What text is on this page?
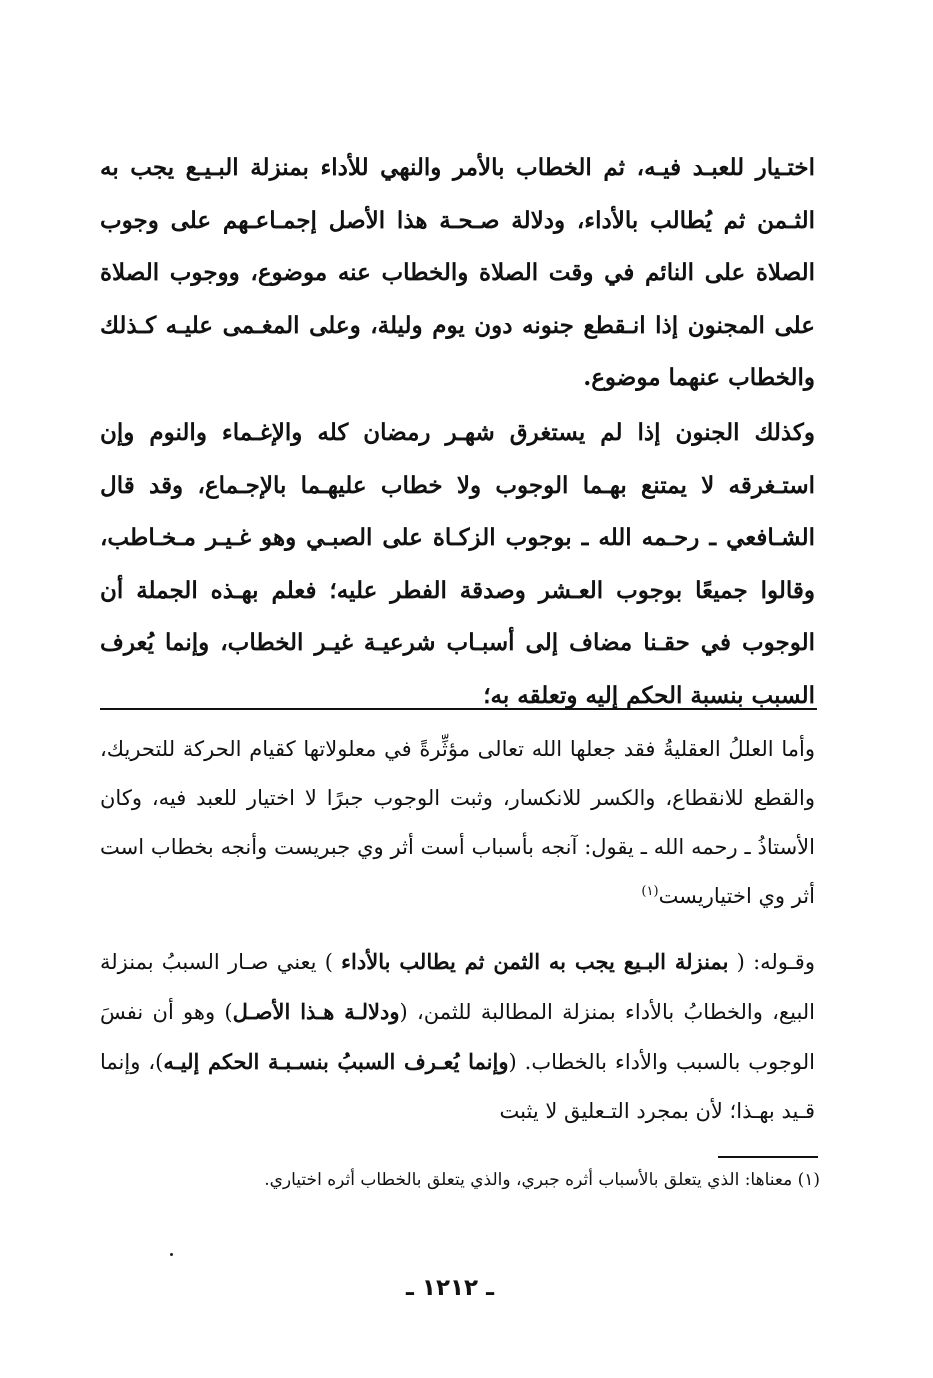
اختـيار للعبـد فيـه، ثم الخطاب بالأمر والنهي للأداء بمنزلة البـيـع يجب به الثـمن ثم يُطالب بالأداء، ودلالة صـحـة هذا الأصل إجمـاعـهم على وجوب الصلاة على النائم في وقت الصلاة والخطاب عنه موضوع، ووجوب الصلاة على المجنون إذا انـقطع جنونه دون يوم وليلة، وعلى المغـمى عليـه كـذلك والخطاب عنهما موضوع.

وكذلك الجنون إذا لم يستغرق شهـر رمضان كله والإغـماء والنوم وإن استـغرقه لا يمتنع بهـما الوجوب ولا خطاب عليهـما بالإجـماع، وقد قال الشـافعي ـ رحـمه الله ـ بوجوب الزكـاة على الصبـي وهو غـيـر مـخـاطب، وقالوا جميعًا بوجوب العـشر وصدقة الفطر عليه؛ فعلم بهـذه الجملة أن الوجوب في حقـنا مضاف إلى أسبـاب شرعيـة غيـر الخطاب، وإنما يُعرف السبب بنسبة الحكم إليه وتعلقه به؛

وأما العللُ العقليةُ فقد جعلها الله تعالى مؤثِّرةً في معلولاتها كقيام الحركة للتحريك، والقطع للانقطاع، والكسر للانكسار، وثبت الوجوب جبرًا لا اختيار للعبد فيه، وكان الأستاذُ ـ رحمه الله ـ يقول: آنجه بأسباب أست أثر وي جبريست وأنجه بخطاب است أثر وي اختياريست$^{(١)}$

وقـوله: ( بمنزلة البـيع يجب به الثمن ثم يطالب بالأداء ) يعني صـار السببُ بمنزلة البيع، والخطابُ بالأداء بمنزلة المطالبة للثمن، (ودلالـة هـذا الأصـل) وهو أن نفسَ الوجوب بالسبب والأداء بالخطاب. (وإنما يُعـرف السببُ بنسـبـة الحكم إليـه)، وإنما قـيد بهـذا؛ لأن بمجرد التـعليق لا يثبت

(١) معناها: الذي يتعلق بالأسباب أثره جبري، والذي يتعلق بالخطاب أثره اختياري.

ـ ١٢١٢ ـ
